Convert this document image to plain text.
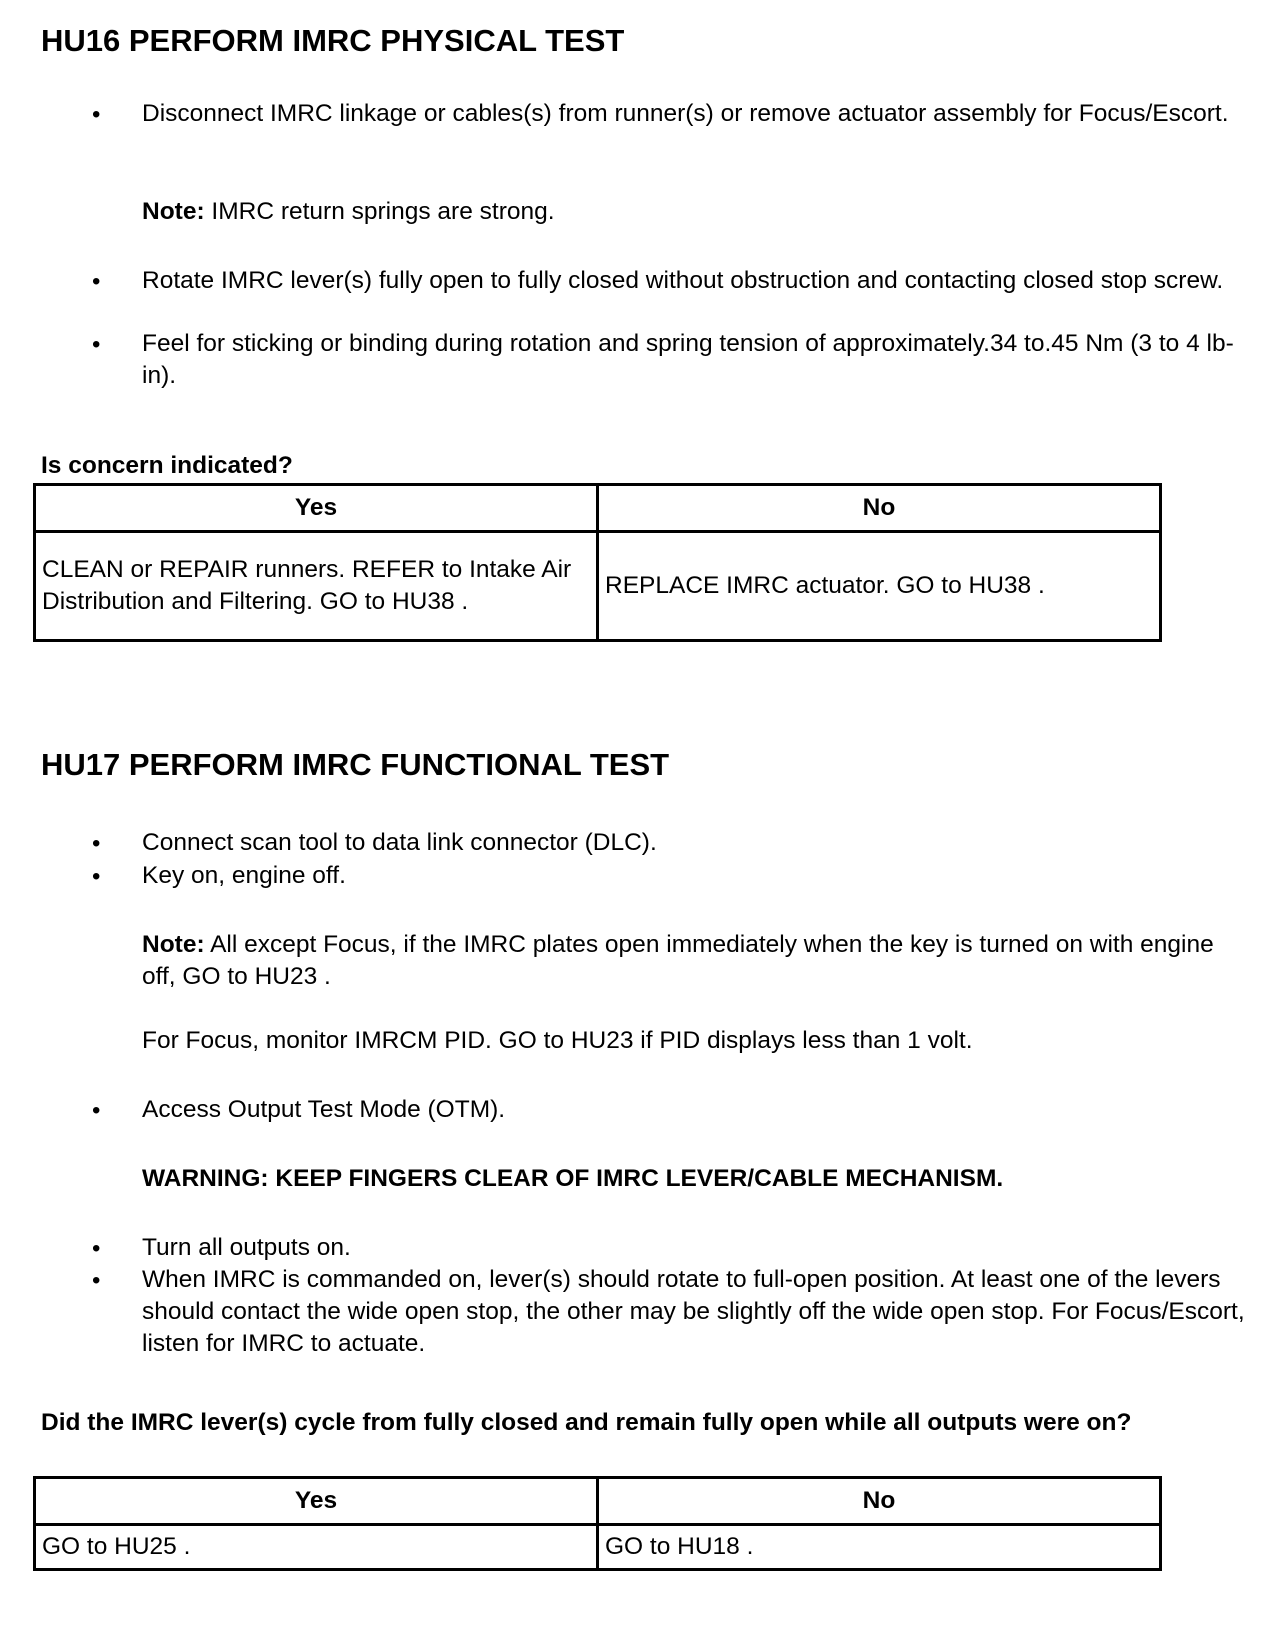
HU16 PERFORM IMRC PHYSICAL TEST
• Disconnect IMRC linkage or cables(s) from runner(s) or remove actuator assembly for Focus/Escort.

Note: IMRC return springs are strong.

• Rotate IMRC lever(s) fully open to fully closed without obstruction and contacting closed stop screw.

• Feel for sticking or binding during rotation and spring tension of approximately.34 to.45 Nm (3 to 4 lb-in).

Is concern indicated?

Yes	No
CLEAN or REPAIR runners. REFER to Intake Air Distribution and Filtering. GO to HU38 .	REPLACE IMRC actuator. GO to HU38 .
HU17 PERFORM IMRC FUNCTIONAL TEST
• Connect scan tool to data link connector (DLC).

• Key on, engine off.

Note: All except Focus, if the IMRC plates open immediately when the key is turned on with engine off, GO to HU23 .

For Focus, monitor IMRCM PID. GO to HU23 if PID displays less than 1 volt.

• Access Output Test Mode (OTM).

WARNING: KEEP FINGERS CLEAR OF IMRC LEVER/CABLE MECHANISM.

• Turn all outputs on.

• When IMRC is commanded on, lever(s) should rotate to full-open position. At least one of the levers should contact the wide open stop, the other may be slightly off the wide open stop. For Focus/Escort, listen for IMRC to actuate.

Did the IMRC lever(s) cycle from fully closed and remain fully open while all outputs were on?

Yes	No
GO to HU25 .	GO to HU18 .
